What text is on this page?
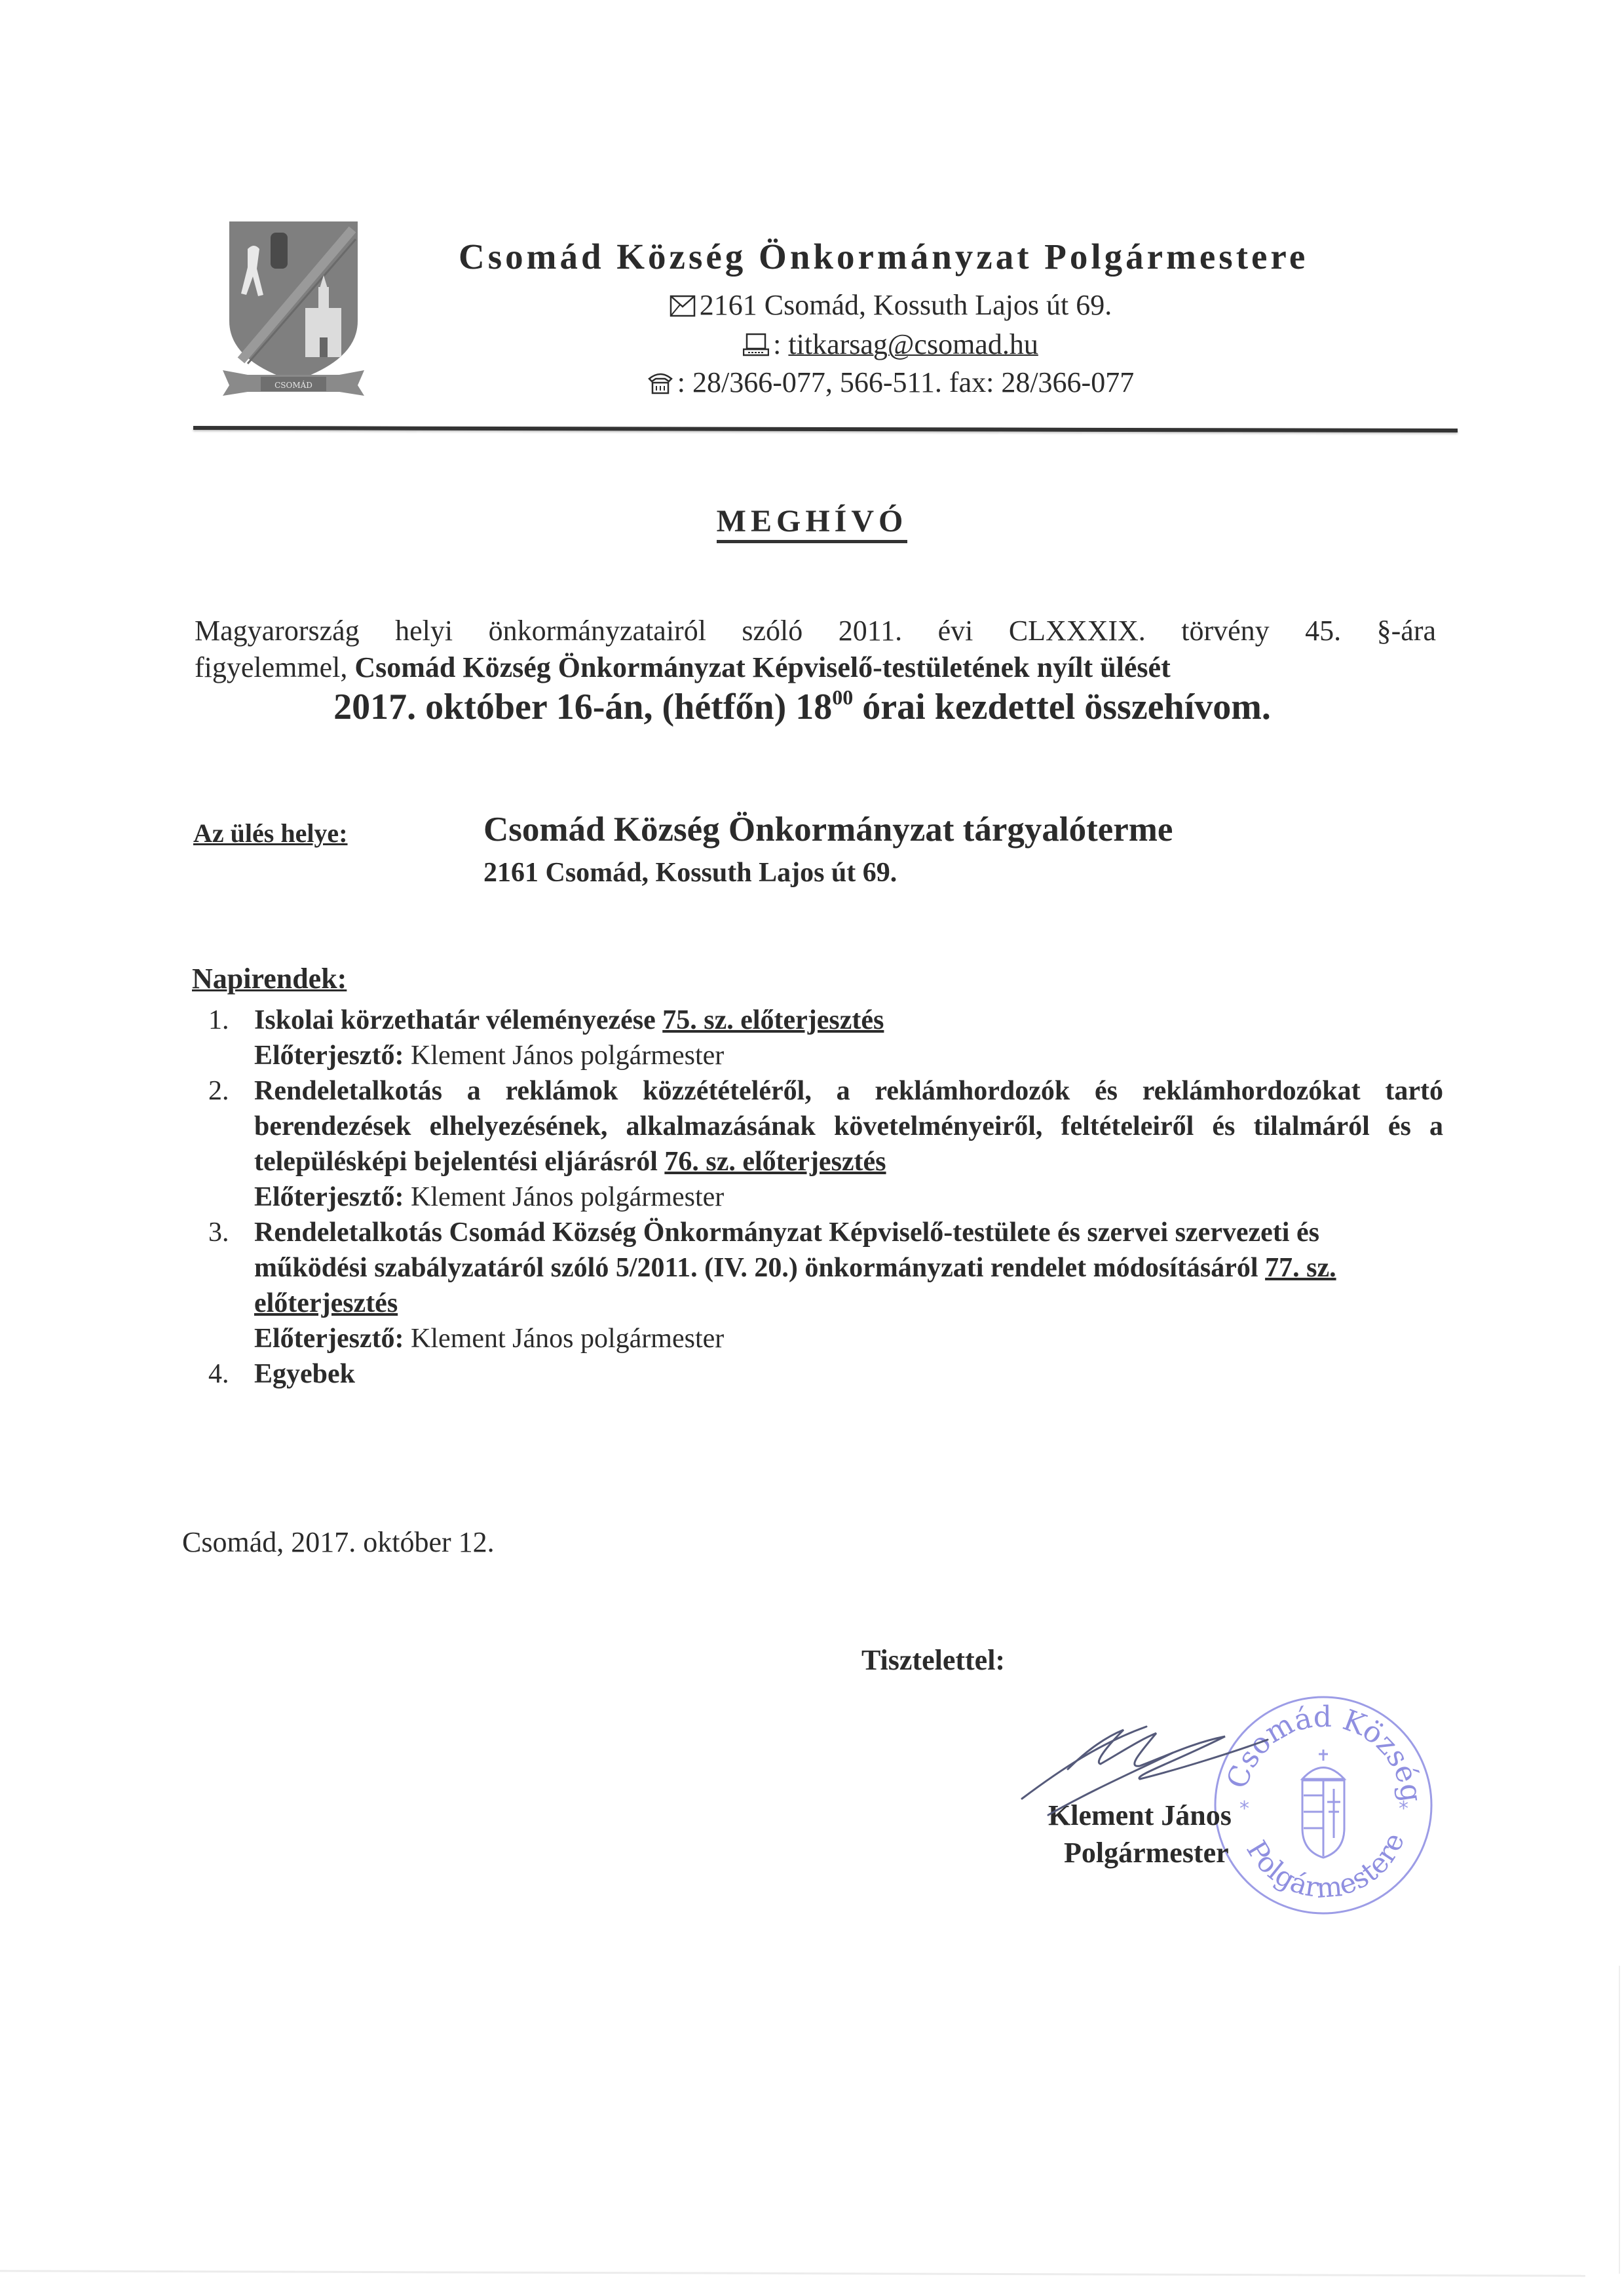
CSOMÁD
Csomád Község Önkormányzat Polgármestere
2161 Csomád, Kossuth Lajos út 69.
: titkarsag@csomad.hu
: 28/366-077, 566-511. fax: 28/366-077
MEGHÍVÓ
Magyarország helyi önkormányzatairól szóló 2011. évi CLXXXIX. törvény 45. §-ára
figyelemmel, Csomád Község Önkormányzat Képviselő-testületének nyílt ülését
2017. október 16-án, (hétfőn) $18^{00}$ órai kezdettel összehívom.
Az ülés helye:	Csomád Község Önkormányzat tárgyalóterme
2161 Csomád, Kossuth Lajos út 69.
Napirendek:
1. Iskolai körzethatár véleményezése 75. sz. előterjesztés
Előterjesztő: Klement János polgármester
2. Rendeletalkotás a reklámok közzétételéről, a reklámhordozók és reklámhordozókat tartó berendezések elhelyezésének, alkalmazásának követelményeiről, feltételeiről és tilalmáról és a településképi bejelentési eljárásról 76. sz. előterjesztés
Előterjesztő: Klement János polgármester
3. Rendeletalkotás Csomád Község Önkormányzat Képviselő-testülete és szervei szervezeti és működési szabályzatáról szóló 5/2011. (IV. 20.) önkormányzati rendelet módosításáról 77. sz. előterjesztés
Előterjesztő: Klement János polgármester
4. Egyebek
Csomád, 2017. október 12.
Tisztelettel:
Csomád Község
Polgármestere
*	*
Klement János
Polgármester
